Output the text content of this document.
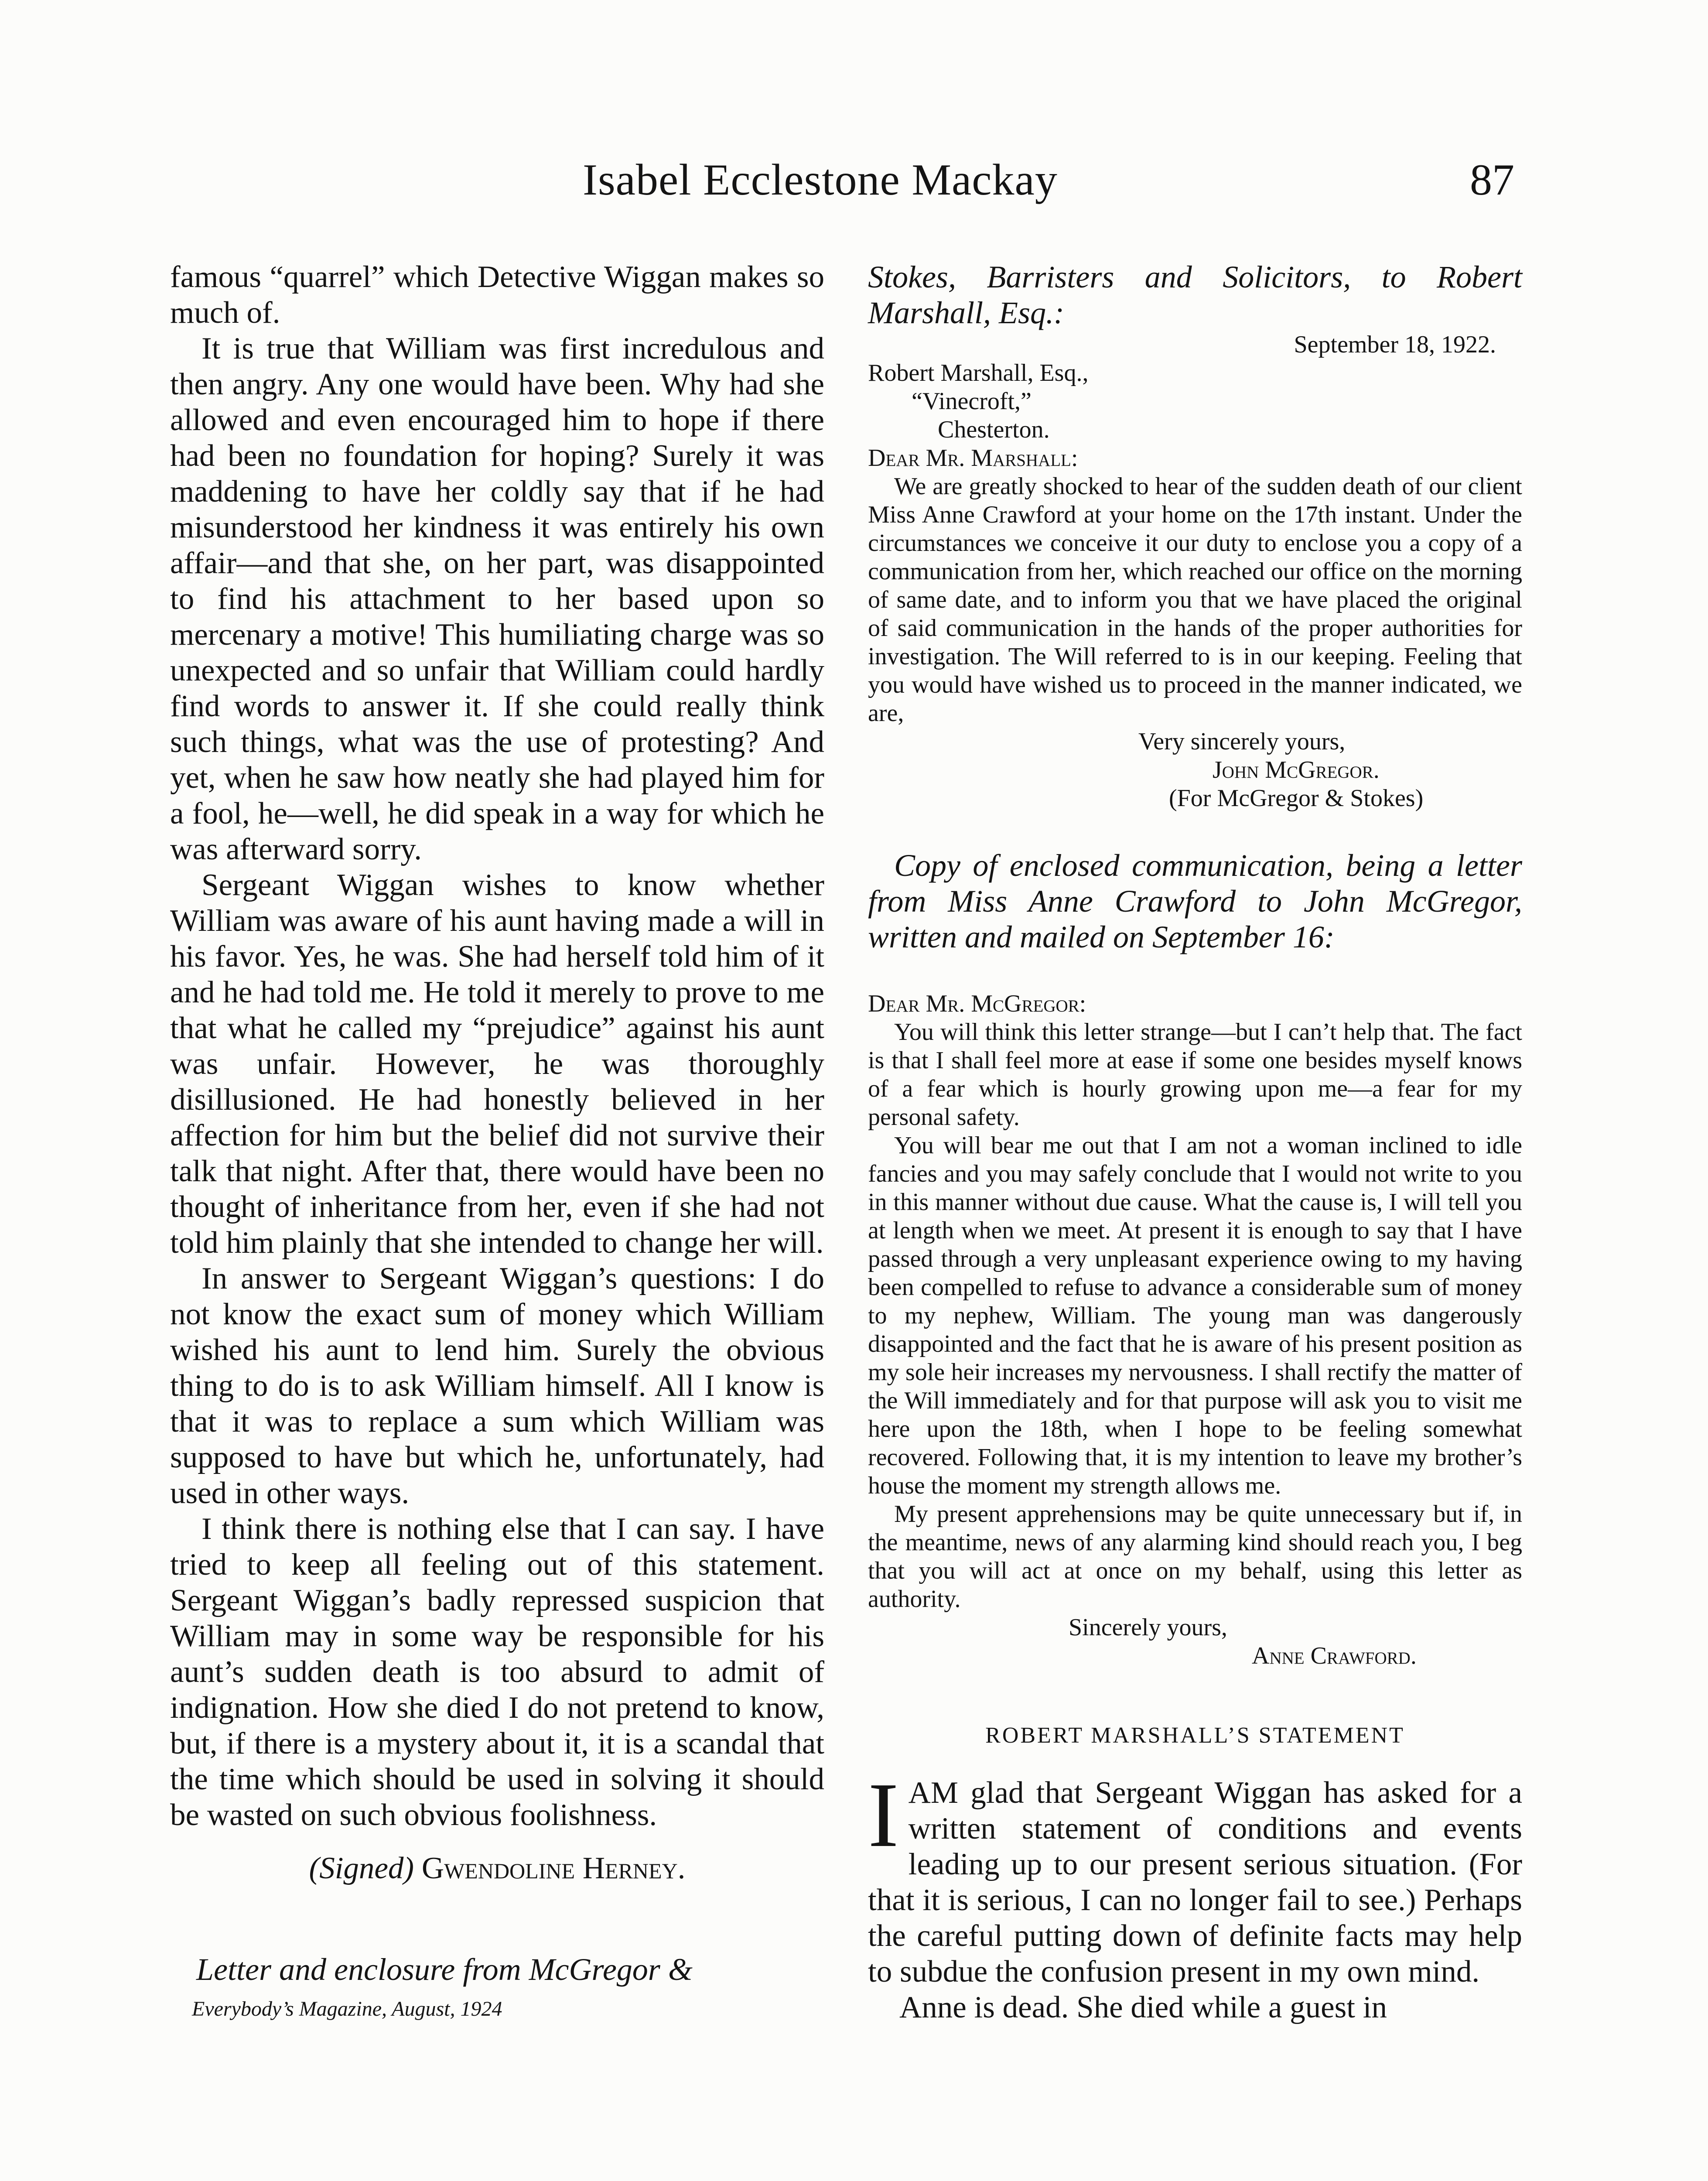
Isabel Ecclestone Mackay	87

famous “quarrel” which Detective Wiggan makes so much of.

It is true that William was first incredulous and then angry. Any one would have been. Why had she allowed and even encouraged him to hope if there had been no foundation for hoping? Surely it was maddening to have her coldly say that if he had misunderstood her kindness it was entirely his own affair—and that she, on her part, was disappointed to find his attachment to her based upon so mercenary a motive! This humiliating charge was so unexpected and so unfair that William could hardly find words to answer it. If she could really think such things, what was the use of protesting? And yet, when he saw how neatly she had played him for a fool, he—well, he did speak in a way for which he was afterward sorry.

Sergeant Wiggan wishes to know whether William was aware of his aunt having made a will in his favor. Yes, he was. She had herself told him of it and he had told me. He told it merely to prove to me that what he called my “prejudice” against his aunt was unfair. However, he was thoroughly disillusioned. He had honestly believed in her affection for him but the belief did not survive their talk that night. After that, there would have been no thought of inheritance from her, even if she had not told him plainly that she intended to change her will.

In answer to Sergeant Wiggan’s questions: I do not know the exact sum of money which William wished his aunt to lend him. Surely the obvious thing to do is to ask William himself. All I know is that it was to replace a sum which William was supposed to have but which he, unfortunately, had used in other ways.

I think there is nothing else that I can say. I have tried to keep all feeling out of this statement. Sergeant Wiggan’s badly repressed suspicion that William may in some way be responsible for his aunt’s sudden death is too absurd to admit of indignation. How she died I do not pretend to know, but, if there is a mystery about it, it is a scandal that the time which should be used in solving it should be wasted on such obvious foolishness.

(Signed) Gwendoline Herney.

Letter and enclosure from McGregor &

Everybody’s Magazine, August, 1924

Stokes, Barristers and Solicitors, to Robert Marshall, Esq.:

September 18, 1922.

Robert Marshall, Esq.,

“Vinecroft,”

Chesterton.

Dear Mr. Marshall:

We are greatly shocked to hear of the sudden death of our client Miss Anne Crawford at your home on the 17th instant. Under the circumstances we conceive it our duty to enclose you a copy of a communication from her, which reached our office on the morning of same date, and to inform you that we have placed the original of said communication in the hands of the proper authorities for investigation. The Will referred to is in our keeping. Feeling that you would have wished us to proceed in the manner indicated, we are,

Very sincerely yours,

John McGregor.

(For McGregor & Stokes)

Copy of enclosed communication, being a letter from Miss Anne Crawford to John McGregor, written and mailed on September 16:

Dear Mr. McGregor:

You will think this letter strange—but I can’t help that. The fact is that I shall feel more at ease if some one besides myself knows of a fear which is hourly growing upon me—a fear for my personal safety.

You will bear me out that I am not a woman inclined to idle fancies and you may safely conclude that I would not write to you in this manner without due cause. What the cause is, I will tell you at length when we meet. At present it is enough to say that I have passed through a very unpleasant experience owing to my having been compelled to refuse to advance a considerable sum of money to my nephew, William. The young man was dangerously disappointed and the fact that he is aware of his present position as my sole heir increases my nervousness. I shall rectify the matter of the Will immediately and for that purpose will ask you to visit me here upon the 18th, when I hope to be feeling somewhat recovered. Following that, it is my intention to leave my brother’s house the moment my strength allows me.

My present apprehensions may be quite unnecessary but if, in the meantime, news of any alarming kind should reach you, I beg that you will act at once on my behalf, using this letter as authority.

Sincerely yours,

Anne Crawford.

ROBERT MARSHALL’S STATEMENT

IAM glad that Sergeant Wiggan has asked for a written statement of conditions and events leading up to our present serious situation. (For that it is serious, I can no longer fail to see.) Perhaps the careful putting down of definite facts may help to subdue the confusion present in my own mind.

Anne is dead. She died while a guest in
